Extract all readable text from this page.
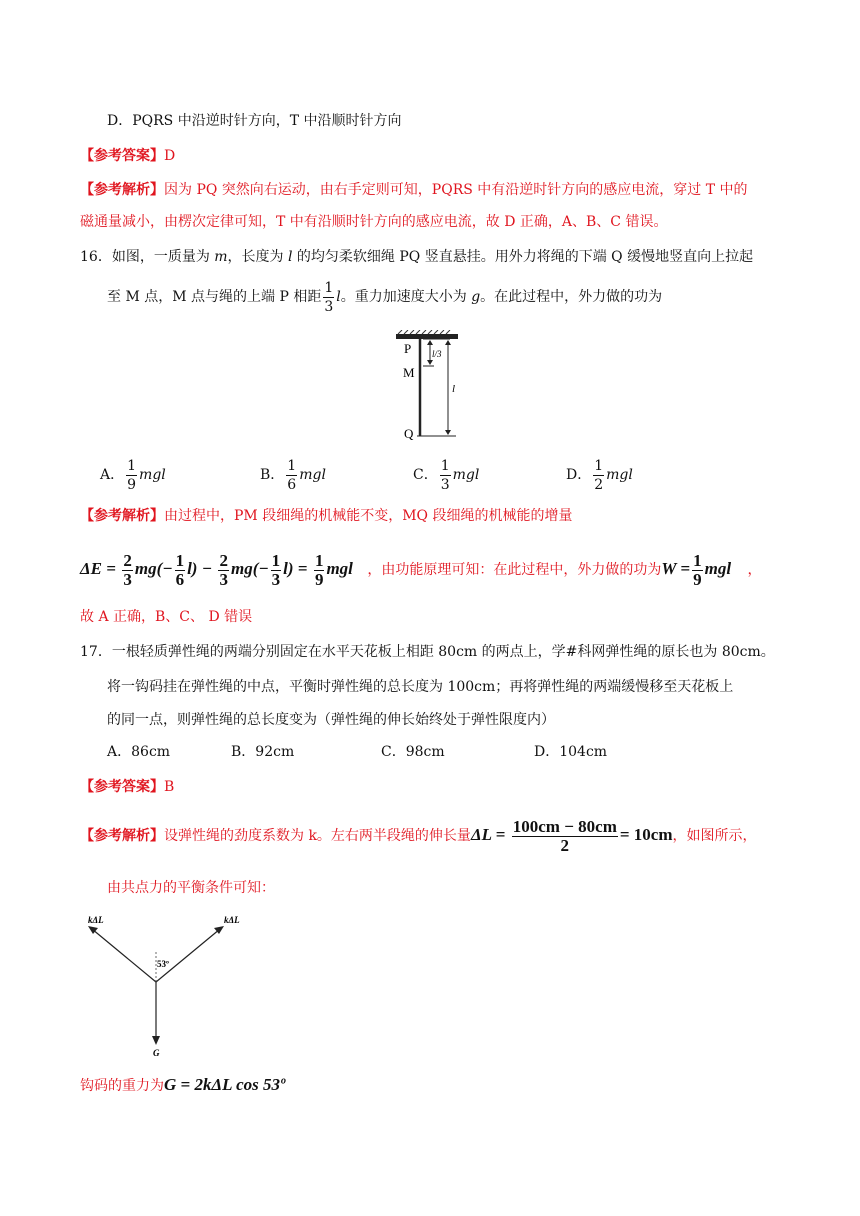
D．PQRS 中沿逆时针方向，T 中沿顺时针方向
【参考答案】D
【参考解析】因为 PQ 突然向右运动，由右手定则可知，PQRS 中有沿逆时针方向的感应电流，穿过 T 中的
磁通量减小，由楞次定律可知，T 中有沿顺时针方向的感应电流，故 D 正确，A、B、C 错误。
16．如图，一质量为 m，长度为 l 的均匀柔软细绳 PQ 竖直悬挂。用外力将绳的下端 Q 缓慢地竖直向上拉起
至 M 点，M 点与绳的上端 P 相距 $\frac{1}{3}$ l。重力加速度大小为 g。在此过程中，外力做的功为
P
M
Q
l/3
l
A． $\frac{1}{9}$ mgl	B． $\frac{1}{6}$ mgl	C． $\frac{1}{3}$ mgl	D． $\frac{1}{2}$ mgl
【参考解析】由过程中，PM 段细绳的机械能不变，MQ 段细绳的机械能的增量
$\Delta E = \frac{2}{3} mg(- \frac{1}{6} l) - \frac{2}{3} mg(- \frac{1}{3} l) = \frac{1}{9}$ mgl ，由功能原理可知：在此过程中，外力做的功为$W = \frac{1}{9}$ mgl ，
故 A 正确，B、C、 D 错误
17．一根轻质弹性绳的两端分别固定在水平天花板上相距 80cm 的两点上，学#科网弹性绳的原长也为 80cm。
将一钩码挂在弹性绳的中点，平衡时弹性绳的总长度为 100cm；再将弹性绳的两端缓慢移至天花板上
的同一点，则弹性绳的总长度变为（弹性绳的伸长始终处于弹性限度内）
A．86cm	B．92cm	C．98cm	D．104cm
【参考答案】B
【参考解析】设弹性绳的劲度系数为 k。左右两半段绳的伸长量$\Delta L = \frac{100cm - 80cm}{2} = 10cm$，如图所示，
由共点力的平衡条件可知：
kΔL	kΔL
53º
G
钩码的重力为G = 2kΔL cos 53º
